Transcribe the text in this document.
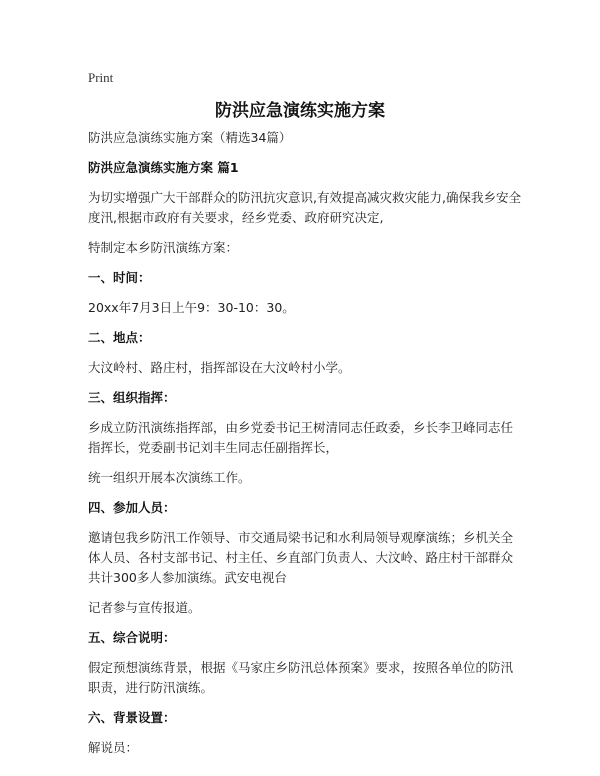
Print
防洪应急演练实施方案

防洪应急演练实施方案（精选34篇）

防洪应急演练实施方案 篇1

为切实增强广大干部群众的防汛抗灾意识,有效提高减灾救灾能力,确保我乡安全度汛,根据市政府有关要求，经乡党委、政府研究决定,

特制定本乡防汛演练方案：

一、时间：

20xx年7月3日上午9：30-10：30。

二、地点：

大汶岭村、路庄村，指挥部设在大汶岭村小学。

三、组织指挥：

乡成立防汛演练指挥部，由乡党委书记王树清同志任政委，乡长李卫峰同志任指挥长，党委副书记刘丰生同志任副指挥长，

统一组织开展本次演练工作。

四、参加人员：

邀请包我乡防汛工作领导、市交通局梁书记和水利局领导观摩演练；乡机关全体人员、各村支部书记、村主任、乡直部门负责人、大汶岭、路庄村干部群众共计300多人参加演练。武安电视台

记者参与宣传报道。

五、综合说明：

假定预想演练背景，根据《马家庄乡防汛总体预案》要求，按照各单位的防汛职责，进行防汛演练。

六、背景设置：

解说员：
